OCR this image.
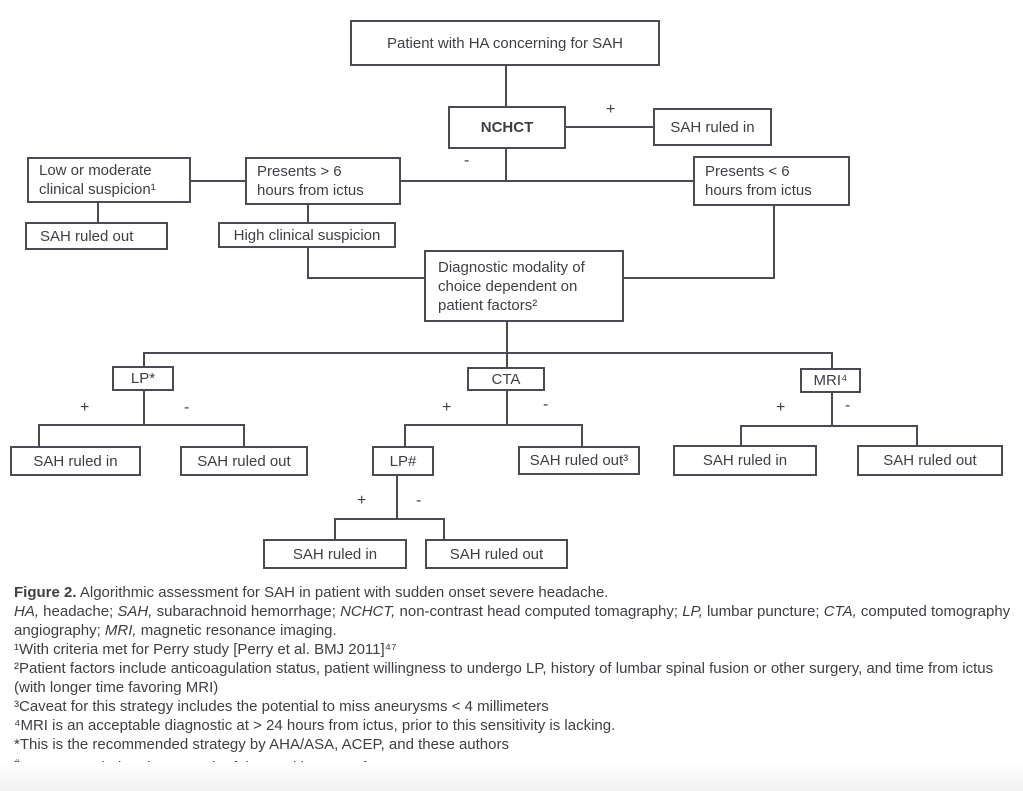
Patient with HA concerning for SAH
NCHCT	SAH ruled in
Low or moderate
clinical suspicion¹
Presents > 6
hours from ictus
Presents < 6
hours from ictus
SAH ruled out	High clinical suspicion
Diagnostic modality of
choice dependent on
patient factors²
LP*	CTA	MRI⁴
SAH ruled in	SAH ruled out	LP#	SAH ruled out³	SAH ruled in	SAH ruled out
SAH ruled in	SAH ruled out
+
-
+	-	+	-	+	-
+	-
Figure 2. Algorithmic assessment for SAH in patient with sudden onset severe headache.
HA, headache; SAH, subarachnoid hemorrhage; NCHCT, non-contrast head computed tomagraphy; LP, lumbar puncture; CTA, computed tomography angiography; MRI, magnetic resonance imaging.
¹With criteria met for Perry study [Perry et al. BMJ 2011]⁴⁷
²Patient factors include anticoagulation status, patient willingness to undergo LP, history of lumbar spinal fusion or other surgery, and time from ictus (with longer time favoring MRI)
³Caveat for this strategy includes the potential to miss aneurysms < 4 millimeters
⁴MRI is an acceptable diagnostic at > 24 hours from ictus, prior to this sensitivity is lacking.
*This is the recommended strategy by AHA/ASA, ACEP, and these authors
